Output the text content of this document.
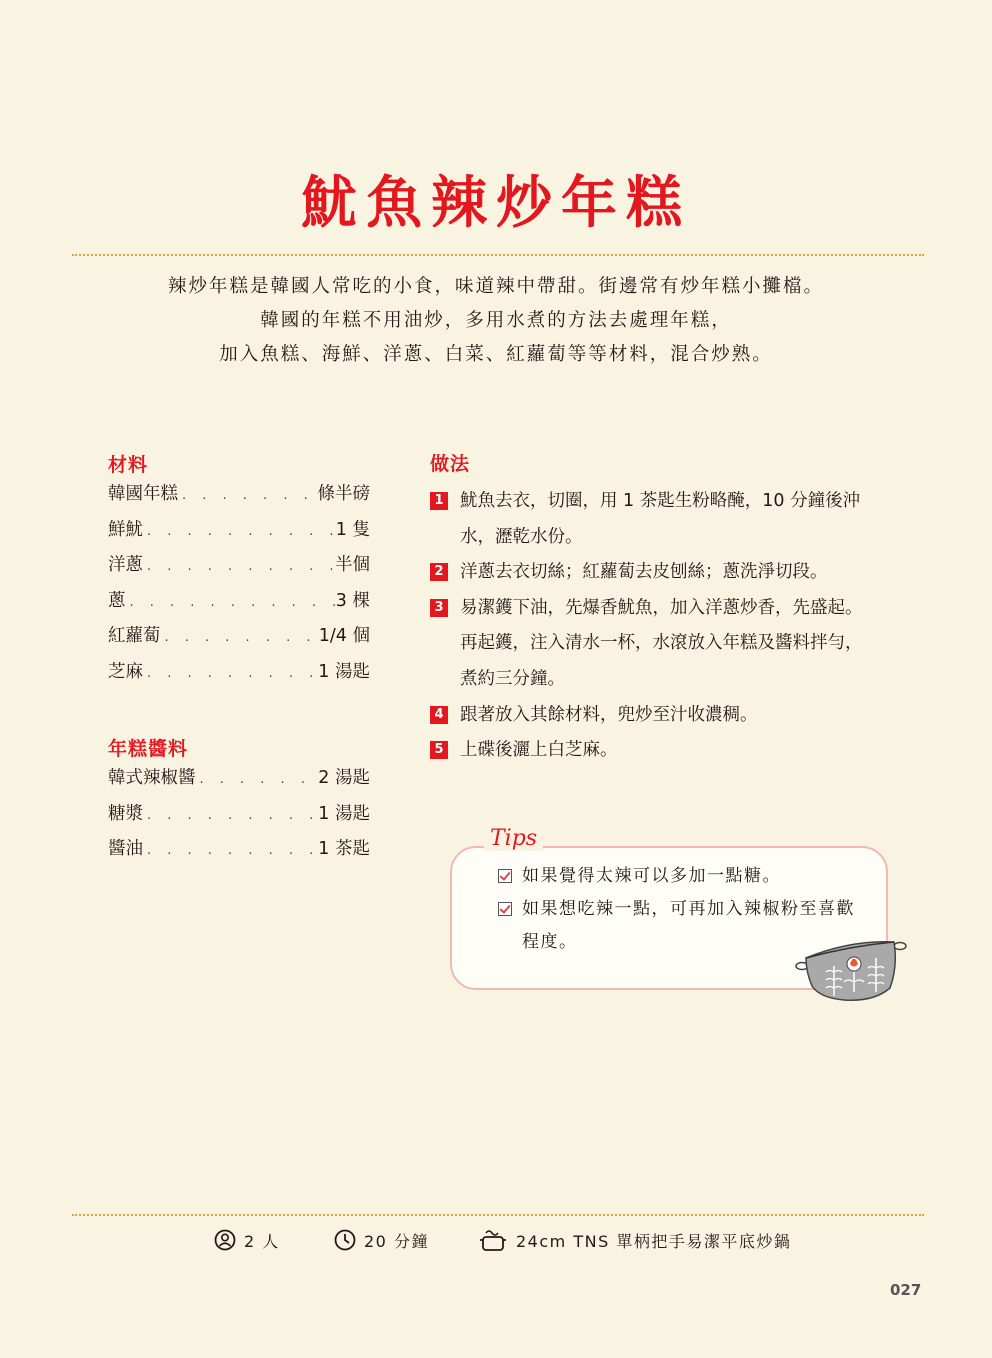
魷魚辣炒年糕
辣炒年糕是韓國人常吃的小食，味道辣中帶甜。街邊常有炒年糕小攤檔。
韓國的年糕不用油炒，多用水煮的方法去處理年糕，
加入魚糕、海鮮、洋蔥、白菜、紅蘿蔔等等材料，混合炒熟。
材料
韓國年糕 . . .	條半磅
鮮魷 . . .	1 隻
洋蔥 . . .	半個
蔥 . . .	3 棵
紅蘿蔔 . . .	1/4 個
芝麻 . . .	1 湯匙
年糕醬料
韓式辣椒醬 . . .	2 湯匙
糖漿 . . .	1 湯匙
醬油 . . .	1 茶匙
做法
1 魷魚去衣，切圈，用 1 茶匙生粉略醃，10 分鐘後沖
水，瀝乾水份。
2 洋蔥去衣切絲；紅蘿蔔去皮刨絲；蔥洗淨切段。
3 易潔鑊下油，先爆香魷魚，加入洋蔥炒香，先盛起。
再起鑊，注入清水一杯，水滾放入年糕及醬料拌勻，
煮約三分鐘。
4 跟著放入其餘材料，兜炒至汁收濃稠。
5 上碟後灑上白芝麻。
Tips
如果覺得太辣可以多加一點糖。
如果想吃辣一點，可再加入辣椒粉至喜歡
程度。
2 人	20 分鐘	24cm TNS 單柄把手易潔平底炒鍋
027
